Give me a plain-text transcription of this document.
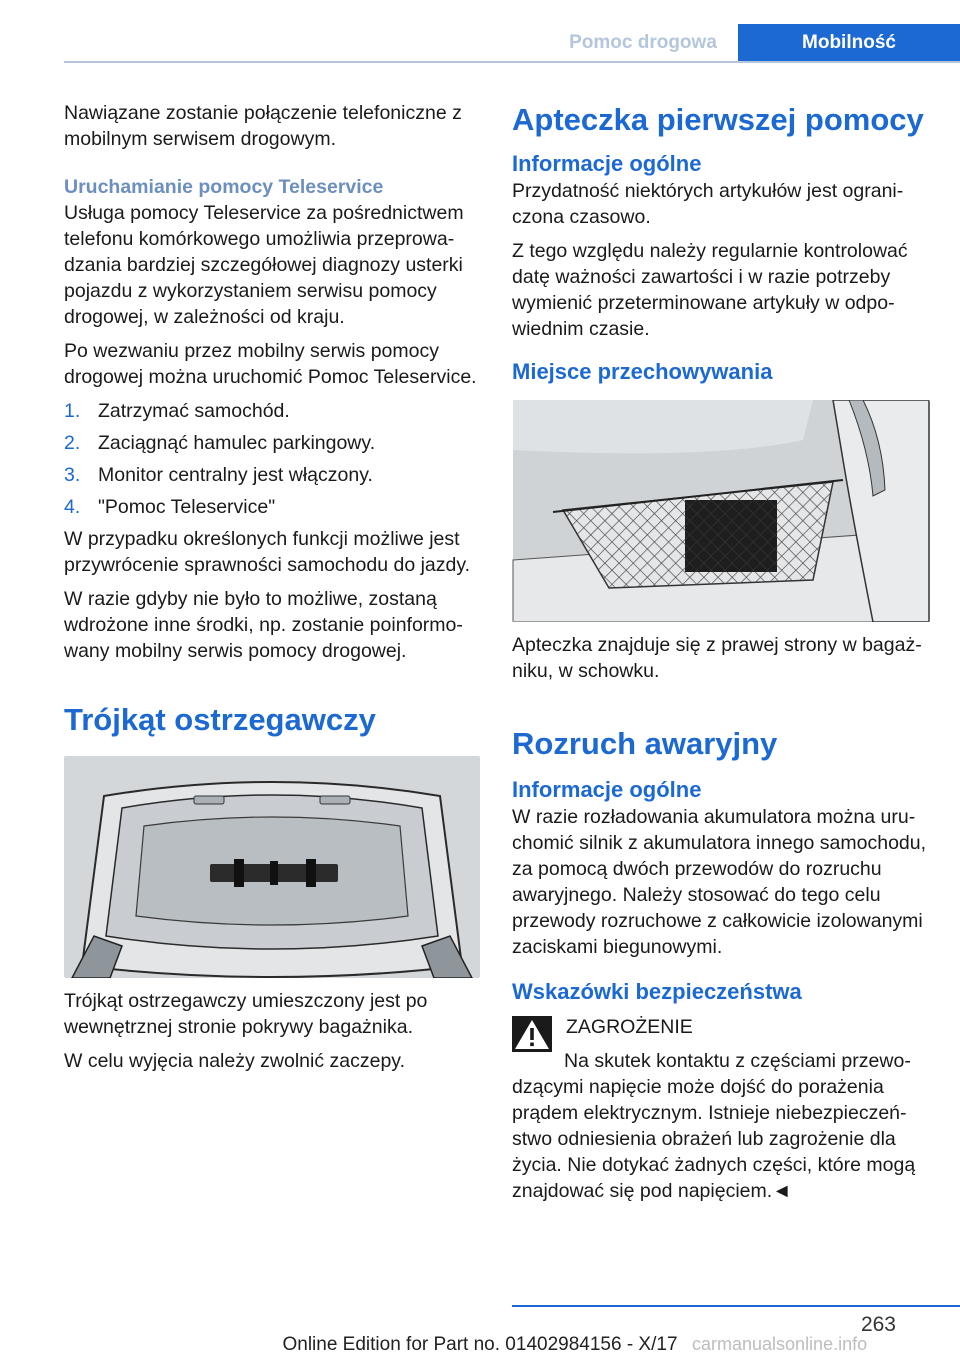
Pomoc drogowa	Mobilność

Nawiązane zostanie połączenie telefoniczne z mobilnym serwisem drogowym.

Uruchamianie pomocy Teleservice

Usługa pomocy Teleservice za pośrednictwem telefonu komórkowego umożliwia przeprowadzania bardziej szczegółowej diagnozy usterki pojazdu z wykorzystaniem serwisu pomocy drogowej, w zależności od kraju.

Po wezwaniu przez mobilny serwis pomocy drogowej można uruchomić Pomoc Teleservice.

1. Zatrzymać samochód.
2. Zaciągnąć hamulec parkingowy.
3. Monitor centralny jest włączony.
4. "Pomoc Teleservice"

W przypadku określonych funkcji możliwe jest przywrócenie sprawności samochodu do jazdy.

W razie gdyby nie było to możliwe, zostaną wdrożone inne środki, np. zostanie poinformowany mobilny serwis pomocy drogowej.

Trójkąt ostrzegawczy

Trójkąt ostrzegawczy umieszczony jest po wewnętrznej stronie pokrywy bagażnika.

W celu wyjęcia należy zwolnić zaczepy.

Apteczka pierwszej pomocy
Informacje ogólne

Przydatność niektórych artykułów jest ograniczona czasowo.

Z tego względu należy regularnie kontrolować datę ważności zawartości i w razie potrzeby wymienić przeterminowane artykuły w odpowiednim czasie.

Miejsce przechowywania

Apteczka znajduje się z prawej strony w bagażniku, w schowku.

Rozruch awaryjny
Informacje ogólne

W razie rozładowania akumulatora można uruchomić silnik z akumulatora innego samochodu, za pomocą dwóch przewodów do rozruchu awaryjnego. Należy stosować do tego celu przewody rozruchowe z całkowicie izolowanymi zaciskami biegunowymi.

Wskazówki bezpieczeństwa

ZAGROŻENIE

Na skutek kontaktu z częściami przewodzącymi napięcie może dojść do porażenia prądem elektrycznym. Istnieje niebezpieczeństwo odniesienia obrażeń lub zagrożenie dla życia. Nie dotykać żadnych części, które mogą znajdować się pod napięciem.◄

263
Online Edition for Part no. 01402984156 - X/17 carmanualsonline.info
